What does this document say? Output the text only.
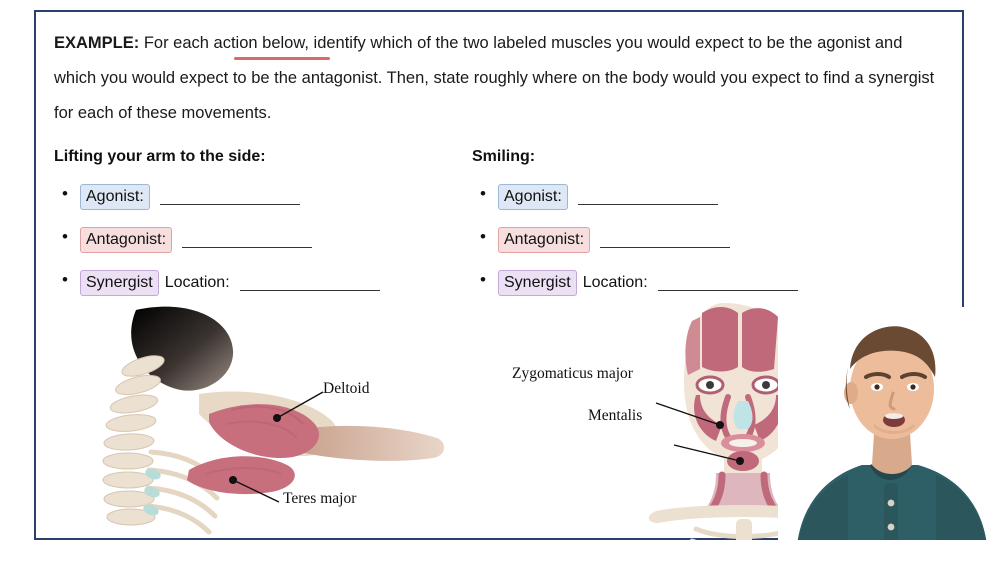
EXAMPLE: For each action below, identify which of the two labeled muscles you would expect to be the agonist and which you would expect to be the antagonist. Then, state roughly where on the body would you expect to find a synergist for each of these movements.

Lifting your arm to the side:

• Agonist:
• Antagonist:
• Synergist Location:

Smiling:

• Agonist:
• Antagonist:
• Synergist Location:
Deltoid
Teres major
Zygomaticus major
Mentalis
